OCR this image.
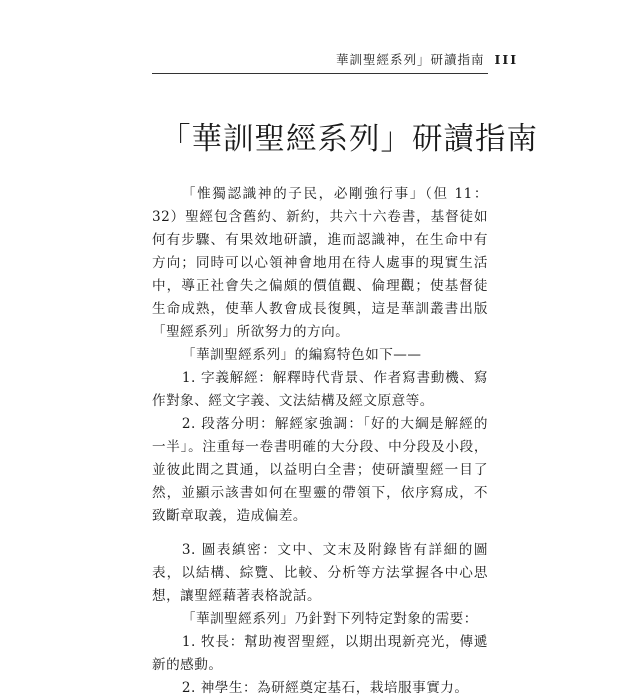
華訓聖經系列」研讀指南 III
「華訓聖經系列」研讀指南

「惟獨認識神的子民，必剛強行事」（但 11：32）聖經包含舊約、新約，共六十六卷書，基督徒如何有步驟、有果效地研讀，進而認識神，在生命中有方向；同時可以心領神會地用在待人處事的現實生活中，導正社會失之偏頗的價值觀、倫理觀；使基督徒生命成熟，使華人教會成長復興，這是華訓叢書出版「聖經系列」所欲努力的方向。

「華訓聖經系列」的編寫特色如下——

1. 字義解經：解釋時代背景、作者寫書動機、寫作對象、經文字義、文法結構及經文原意等。

2. 段落分明：解經家強調：「好的大綱是解經的一半」。注重每一卷書明確的大分段、中分段及小段，並彼此間之貫通，以益明白全書；使研讀聖經一目了然，並顯示該書如何在聖靈的帶領下，依序寫成，不致斷章取義，造成偏差。

3. 圖表縝密：文中、文末及附錄皆有詳細的圖表，以結構、綜覽、比較、分析等方法掌握各中心思想，讓聖經藉著表格說話。

「華訓聖經系列」乃針對下列特定對象的需要：

1. 牧長：幫助複習聖經，以期出現新亮光，傳遞新的感動。

2. 神學生：為研經奠定基石，栽培服事實力。
